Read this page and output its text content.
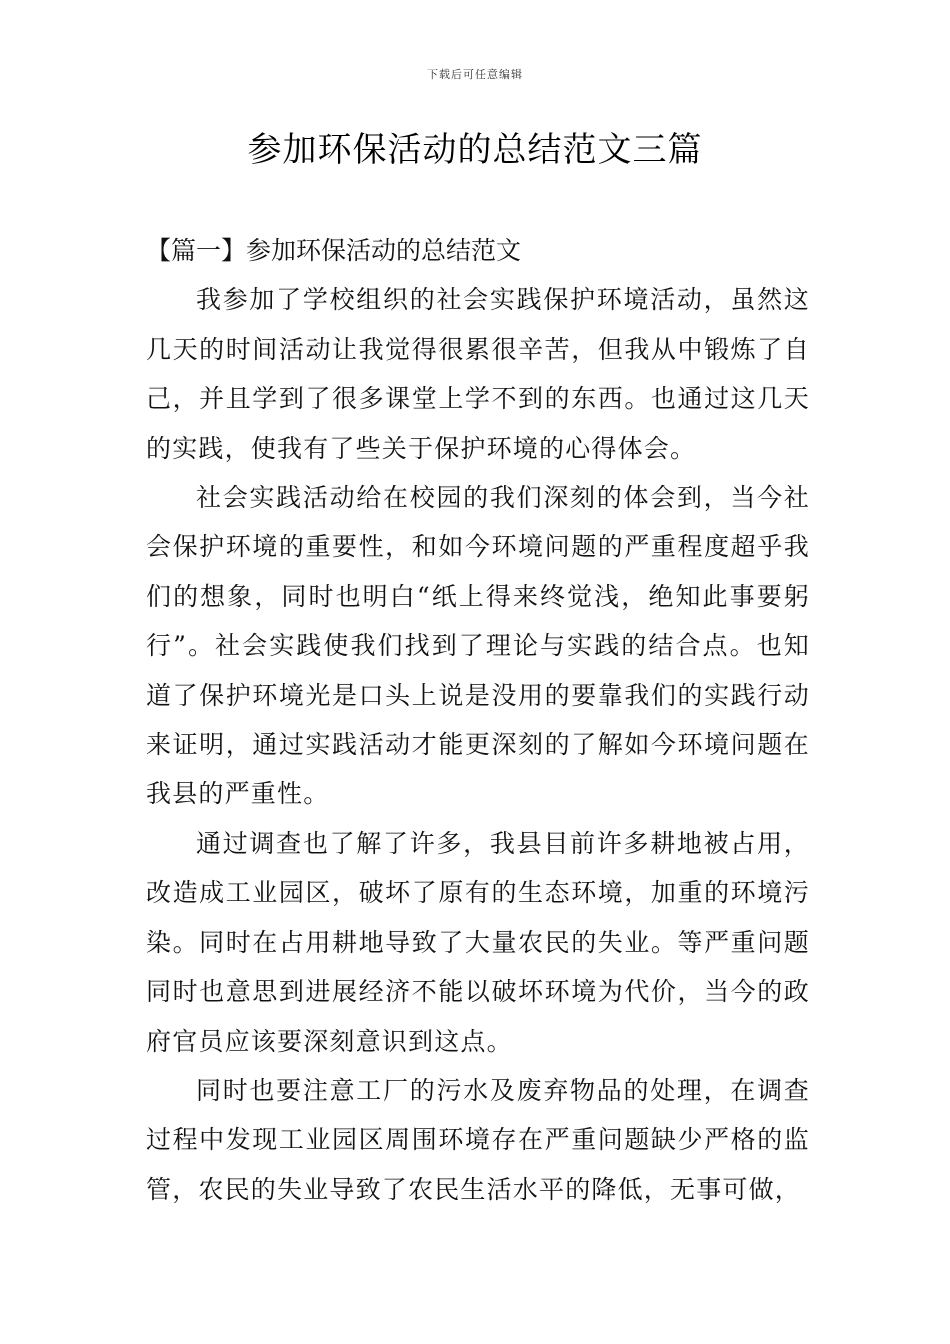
下载后可任意编辑
参加环保活动的总结范文三篇
【篇一】参加环保活动的总结范文

我参加了学校组织的社会实践保护环境活动，虽然这几天的时间活动让我觉得很累很辛苦，但我从中锻炼了自己，并且学到了很多课堂上学不到的东西。也通过这几天的实践，使我有了些关于保护环境的心得体会。

社会实践活动给在校园的我们深刻的体会到，当今社会保护环境的重要性，和如今环境问题的严重程度超乎我们的想象，同时也明白“纸上得来终觉浅，绝知此事要躬行”。社会实践使我们找到了理论与实践的结合点。也知道了保护环境光是口头上说是没用的要靠我们的实践行动来证明，通过实践活动才能更深刻的了解如今环境问题在我县的严重性。

通过调查也了解了许多，我县目前许多耕地被占用，改造成工业园区，破坏了原有的生态环境，加重的环境污染。同时在占用耕地导致了大量农民的失业。等严重问题同时也意思到进展经济不能以破坏环境为代价，当今的政府官员应该要深刻意识到这点。

同时也要注意工厂的污水及废弃物品的处理，在调查过程中发现工业园区周围环境存在严重问题缺少严格的监管，农民的失业导致了农民生活水平的降低，无事可做，
